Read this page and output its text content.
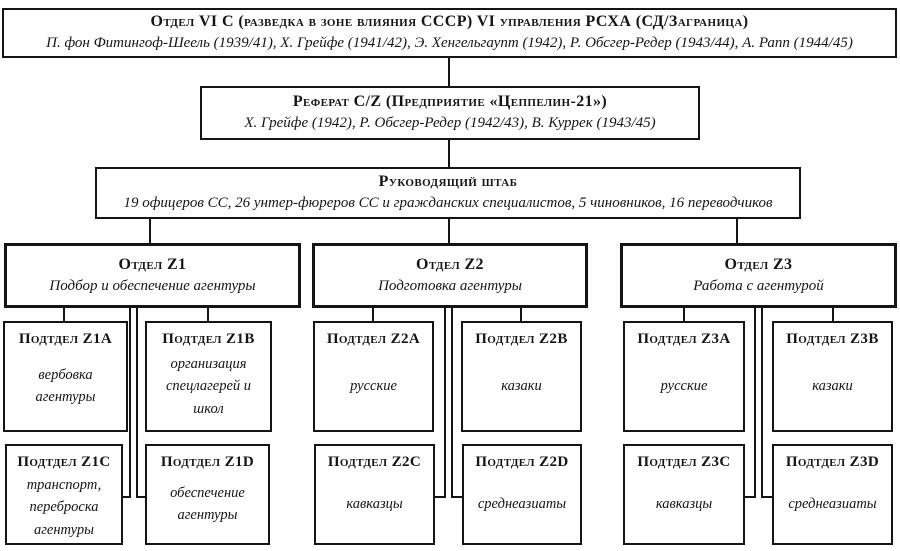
Отдел VI C (разведка в зоне влияния СССР) VI управления РСХА (СД/Заграница)
П. фон Фитингоф-Шеель (1939/41), Х. Грейфе (1941/42), Э. Хенгельгаупт (1942), Р. Обсгер-Редер (1943/44), А. Рапп (1944/45)
Реферат C/Z (Предприятие «Цеппелин-21»)
Х. Грейфе (1942), Р. Обсгер-Редер (1942/43), В. Куррек (1943/45)
Руководящий штаб
19 офицеров СС, 26 унтер-фюреров СС и гражданских специалистов, 5 чиновников, 16 переводчиков
Отдел Z1
Подбор и обеспечение агентуры
Отдел Z2
Подготовка агентуры
Отдел Z3
Работа с агентурой
Подтдел Z1A
вербовка агентуры
Подтдел Z1B
организация спецлагерей и школ
Подтдел Z2A
русские
Подтдел Z2B
казаки
Подтдел Z3A
русские
Подтдел Z3B
казаки
Подтдел Z1C
транспорт, переброска агентуры
Подтдел Z1D
обеспечение агентуры
Подтдел Z2C
кавказцы
Подтдел Z2D
среднеазиаты
Подтдел Z3C
кавказцы
Подтдел Z3D
среднеазиаты
